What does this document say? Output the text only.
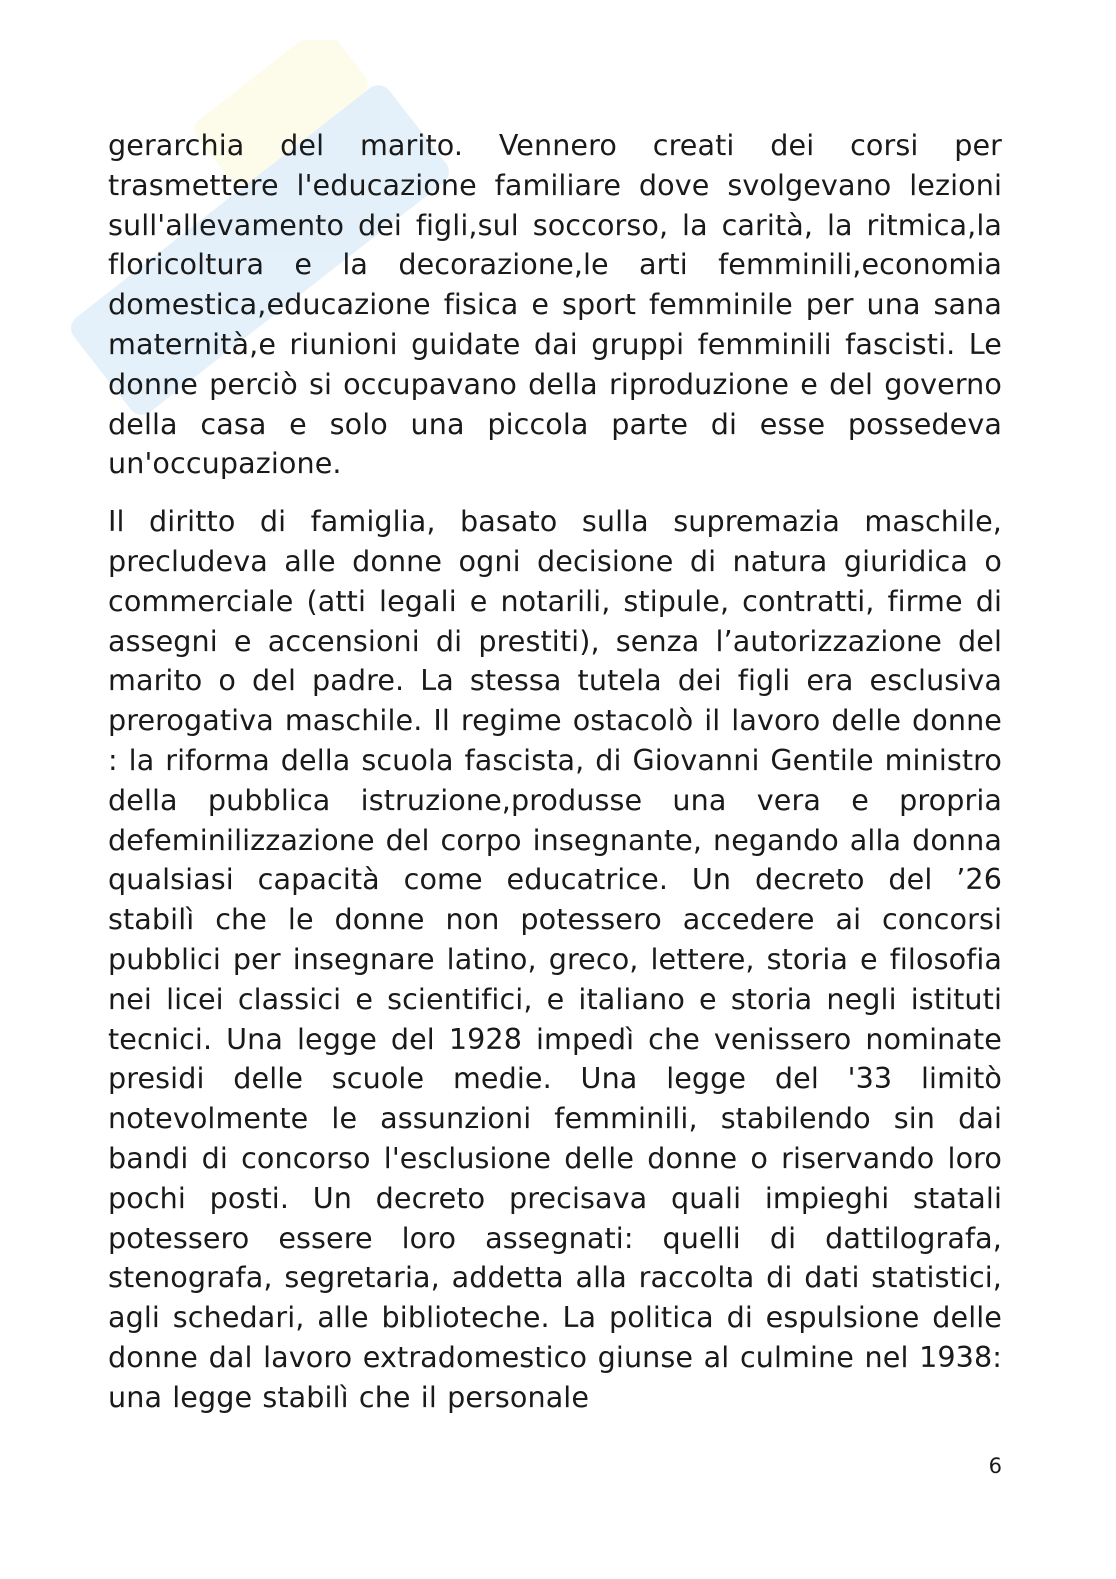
gerarchia del marito. Vennero creati dei corsi per trasmettere l'educazione familiare dove svolgevano lezioni sull'allevamento dei figli,sul soccorso, la carità, la ritmica,la floricoltura e la decorazione,le arti femminili,economia domestica,educazione fisica e sport femminile per una sana maternità,e riunioni guidate dai gruppi femminili fascisti. Le donne perciò si occupavano della riproduzione e del governo della casa e solo una piccola parte di esse possedeva un'occupazione.

Il diritto di famiglia, basato sulla supremazia maschile, precludeva alle donne ogni decisione di natura giuridica o commerciale (atti legali e notarili, stipule, contratti, firme di assegni e accensioni di prestiti), senza l’autorizzazione del marito o del padre. La stessa tutela dei figli era esclusiva prerogativa maschile. Il regime ostacolò il lavoro delle donne : la riforma della scuola fascista, di Giovanni Gentile ministro della pubblica istruzione,produsse una vera e propria defeminilizzazione del corpo insegnante, negando alla donna qualsiasi capacità come educatrice. Un decreto del ’26 stabilì che le donne non potessero accedere ai concorsi pubblici per insegnare latino, greco, lettere, storia e filosofia nei licei classici e scientifici, e italiano e storia negli istituti tecnici. Una legge del 1928 impedì che venissero nominate presidi delle scuole medie. Una legge del '33 limitò notevolmente le assunzioni femminili, stabilendo sin dai bandi di concorso l'esclusione delle donne o riservando loro pochi posti. Un decreto precisava quali impieghi statali potessero essere loro assegnati: quelli di dattilografa, stenografa, segretaria, addetta alla raccolta di dati statistici, agli schedari, alle biblioteche. La politica di espulsione delle donne dal lavoro extradomestico giunse al culmine nel 1938: una legge stabilì che il personale

6
